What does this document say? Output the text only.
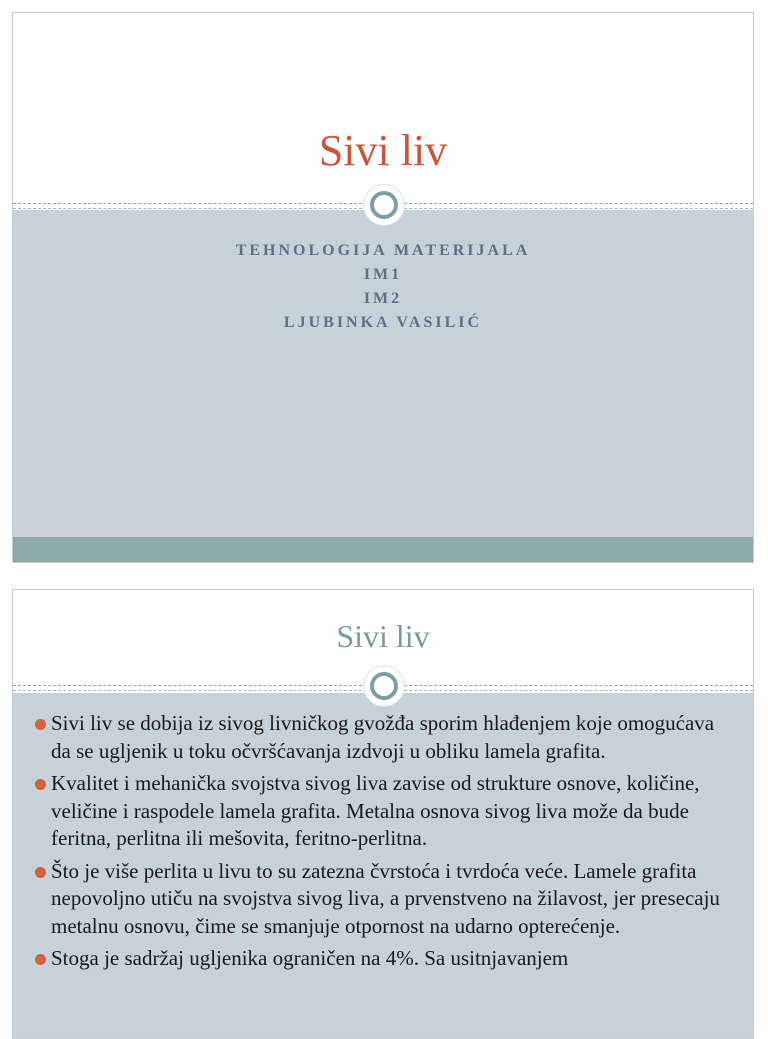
Sivi liv
TEHNOLOGIJA MATERIJALA
IM1
IM2
LJUBINKA VASILIĆ
Sivi liv
Sivi liv se dobija iz sivog livničkog gvožđa sporim hlađenjem koje omogućava da se ugljenik u toku očvršćavanja izdvoji u obliku lamela grafita.
Kvalitet i mehanička svojstva sivog liva zavise od strukture osnove, količine, veličine i raspodele lamela grafita. Metalna osnova sivog liva može da bude feritna, perlitna ili mešovita, feritno-perlitna.
Što je više perlita u livu to su zatezna čvrstoća i tvrdoća veće. Lamele grafita nepovoljno utiču na svojstva sivog liva, a prvenstveno na žilavost, jer presecaju metalnu osnovu, čime se smanjuje otpornost na udarno opterećenje.
Stoga je sadržaj ugljenika ograničen na 4%. Sa usitnjavanjem
